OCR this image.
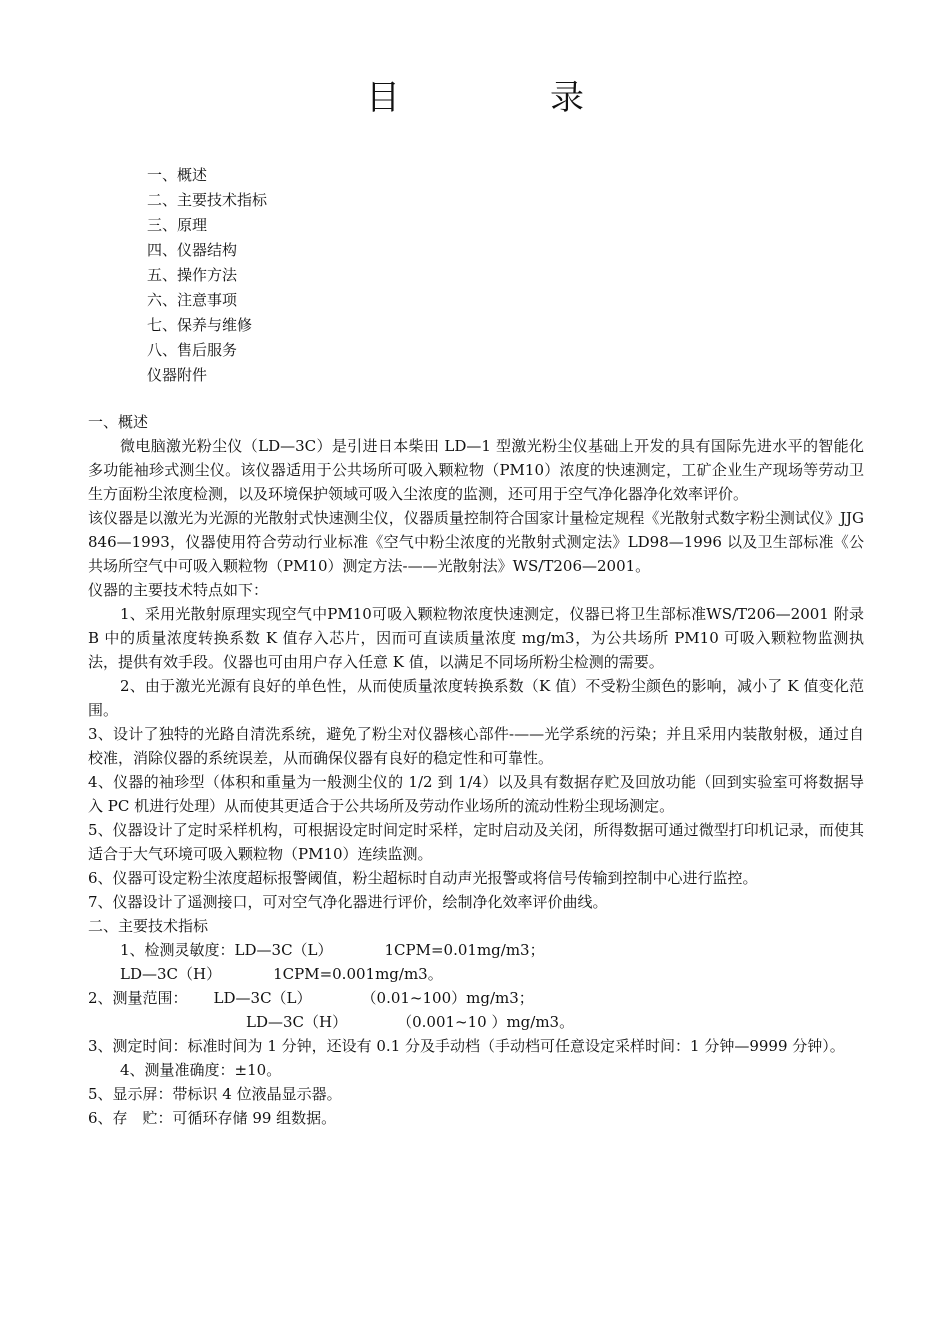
目	录
一、概述
二、主要技术指标
三、原理
四、仪器结构
五、操作方法
六、注意事项
七、保养与维修
八、售后服务
仪器附件

一、概述

微电脑激光粉尘仪（LD—3C）是引进日本柴田 LD—1 型激光粉尘仪基础上开发的具有国际先进水平的智能化多功能袖珍式测尘仪。该仪器适用于公共场所可吸入颗粒物（PM10）浓度的快速测定，工矿企业生产现场等劳动卫生方面粉尘浓度检测，以及环境保护领域可吸入尘浓度的监测，还可用于空气净化器净化效率评价。

该仪器是以激光为光源的光散射式快速测尘仪，仪器质量控制符合国家计量检定规程《光散射式数字粉尘测试仪》JJG 846—1993，仪器使用符合劳动行业标准《空气中粉尘浓度的光散射式测定法》LD98—1996 以及卫生部标准《公共场所空气中可吸入颗粒物（PM10）测定方法-——光散射法》WS/T206—2001。

仪器的主要技术特点如下：

1、采用光散射原理实现空气中PM10可吸入颗粒物浓度快速测定，仪器已将卫生部标准WS/T206—2001 附录 B 中的质量浓度转换系数 K 值存入芯片，因而可直读质量浓度 mg/m3，为公共场所 PM10 可吸入颗粒物监测执法，提供有效手段。仪器也可由用户存入任意 K 值，以满足不同场所粉尘检测的需要。

2、由于激光光源有良好的单色性，从而使质量浓度转换系数（K 值）不受粉尘颜色的影响，减小了 K 值变化范围。

3、设计了独特的光路自清洗系统，避免了粉尘对仪器核心部件-——光学系统的污染；并且采用内装散射极，通过自校准，消除仪器的系统误差，从而确保仪器有良好的稳定性和可靠性。

4、仪器的袖珍型（体积和重量为一般测尘仪的 1/2 到 1/4）以及具有数据存贮及回放功能（回到实验室可将数据导入 PC 机进行处理）从而使其更适合于公共场所及劳动作业场所的流动性粉尘现场测定。

5、仪器设计了定时采样机构，可根据设定时间定时采样，定时启动及关闭，所得数据可通过微型打印机记录，而使其适合于大气环境可吸入颗粒物（PM10）连续监测。

6、仪器可设定粉尘浓度超标报警阈值，粉尘超标时自动声光报警或将信号传输到控制中心进行监控。

7、仪器设计了遥测接口，可对空气净化器进行评价，绘制净化效率评价曲线。

二、主要技术指标

1、检测灵敏度：LD—3C（L）	1CPM=0.01mg/m3；

LD—3C（H）	1CPM=0.001mg/m3。

2、测量范围： LD—3C（L）	（0.01~100）mg/m3；

LD—3C（H）	（0.001~10 ）mg/m3。

3、测定时间：标准时间为 1 分钟，还设有 0.1 分及手动档（手动档可任意设定采样时间：1 分钟—9999 分钟）。

4、测量准确度：±10。

5、显示屏：带标识 4 位液晶显示器。

6、存　贮：可循环存储 99 组数据。
